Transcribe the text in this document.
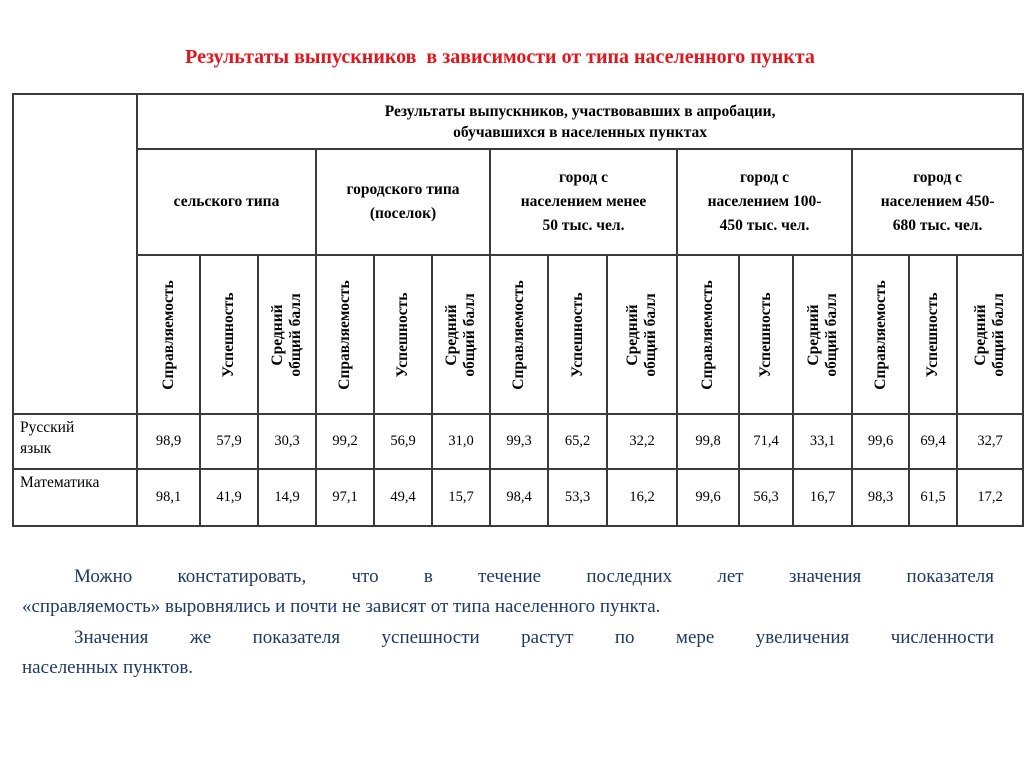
Результаты выпускников  в зависимости от типа населенного пункта

	Результаты выпускников, участвовавших в апробации,
обучавшихся в населенных пунктах														

	сельского типа			городского типа
(поселок)			город с
населением менее
50 тыс. чел.			город с
населением 100-
450 тыс. чел.			город с
населением 450-
680 тыс. чел.		

	Справляемость	Успешность	Средний
общий балл	Справляемость	Успешность	Средний
общий балл	Справляемость	Успешность	Средний
общий балл	Справляемость	Успешность	Средний
общий балл	Справляемость	Успешность	Средний
общий балл

Русский
язык	98,9	57,9	30,3	99,2	56,9	31,0	99,3	65,2	32,2	99,8	71,4	33,1	99,6	69,4	32,7
Математика	98,1	41,9	14,9	97,1	49,4	15,7	98,4	53,3	16,2	99,6	56,3	16,7	98,3	61,5	17,2
Можно констатировать, что в течение последних лет значения показателя
«справляемость» выровнялись и почти не зависят от типа населенного пункта.
Значения же показателя успешности растут по мере увеличения численности
населенных пунктов.
